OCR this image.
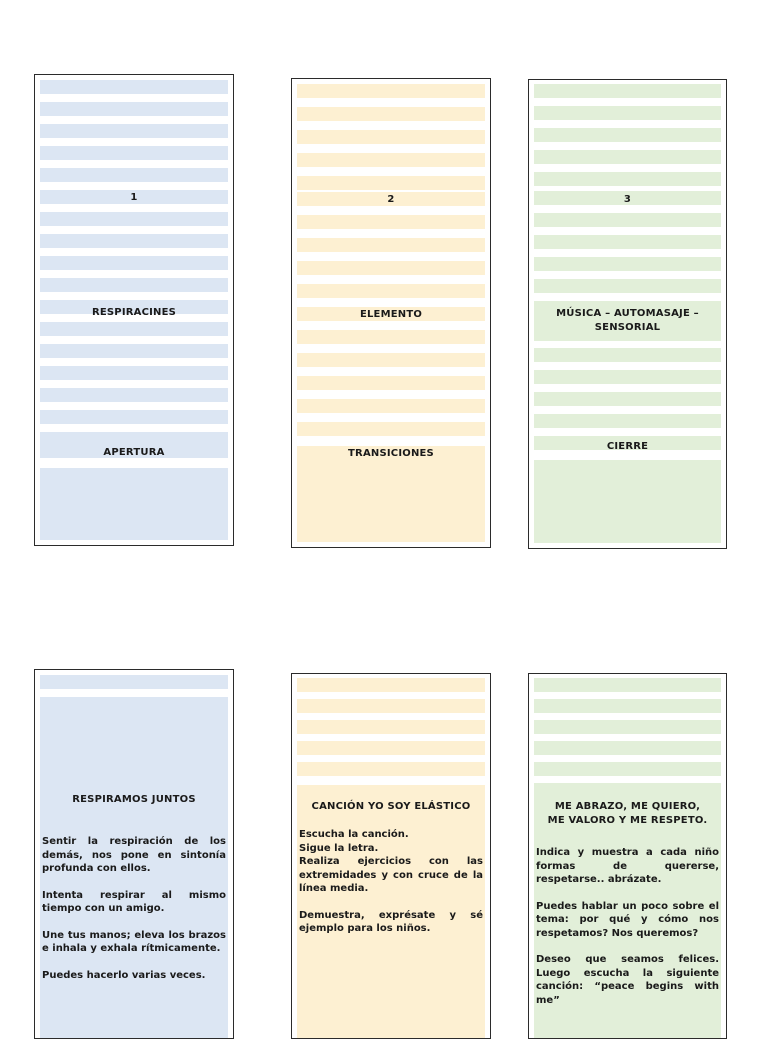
1
RESPIRACINES
APERTURA
2
ELEMENTO
TRANSICIONES
3
MÚSICA – AUTOMASAJE –
SENSORIAL
CIERRE
RESPIRAMOS JUNTOS

Sentir la respiración de los demás, nos pone en sintonía profunda con ellos.

Intenta respirar al mismo tiempo con un amigo.

Une tus manos; eleva los brazos e inhala y exhala rítmicamente.

Puedes hacerlo varias veces.

CANCIÓN YO SOY ELÁSTICO

Escucha la canción.
Sigue la letra.
Realiza ejercicios con las extremidades y con cruce de la línea media.

Demuestra, exprésate y sé ejemplo para los niños.

ME ABRAZO, ME QUIERO, ME VALORO Y ME RESPETO.

Indica y muestra a cada niño formas de quererse, respetarse.. abrázate.

Puedes hablar un poco sobre el tema: por qué y cómo nos respetamos? Nos queremos?

Deseo que seamos felices. Luego escucha la siguiente canción: “peace begins with me”
